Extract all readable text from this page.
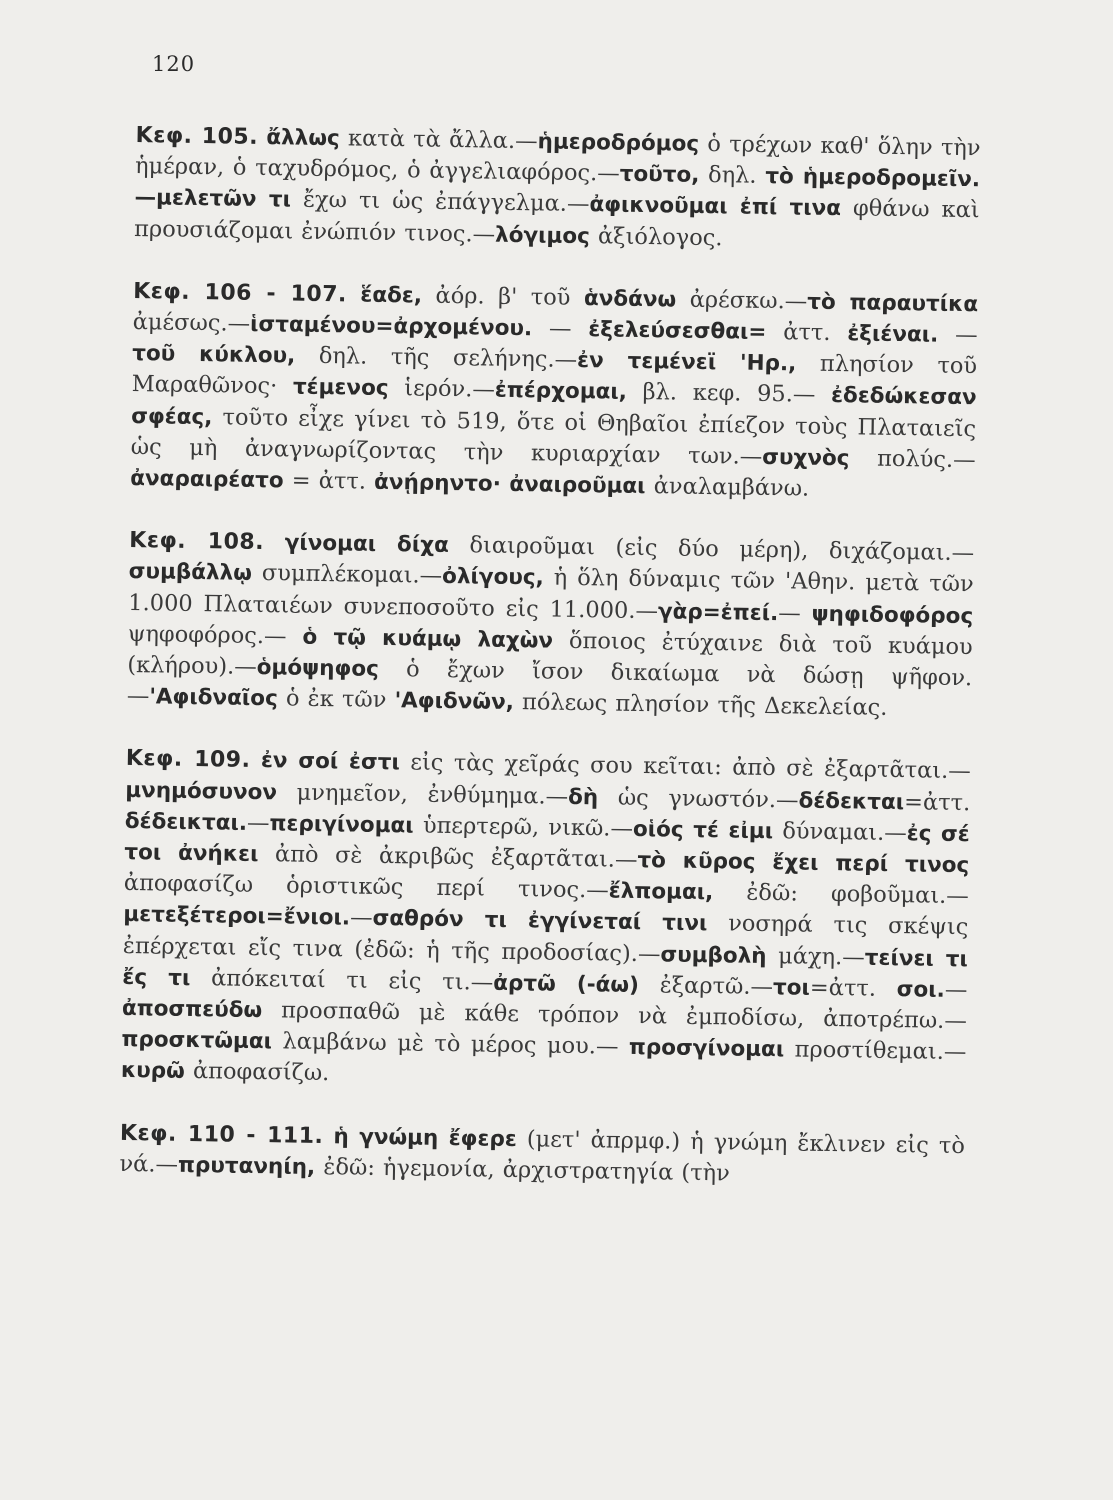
120

Κεφ. 105. ἄλλως κατὰ τὰ ἄλλα.—ἡμεροδρόμος ὁ τρέχων καθ' ὅλην τὴν ἡμέραν, ὁ ταχυδρόμος, ὁ ἀγγελιαφόρος.—τοῦτο, δηλ. τὸ ἡμεροδρομεῖν.—μελετῶν τι ἔχω τι ὡς ἐπάγγελμα.—ἀφικνοῦμαι ἐπί τινα φθάνω καὶ προυσιάζομαι ἐνώπιόν τινος.—λόγιμος ἀξιόλογος.

Κεφ. 106 - 107. ἕαδε, ἀόρ. β' τοῦ ἁνδάνω ἀρέσκω.—τὸ παραυτίκα ἀμέσως.—ἱσταμένου=ἀρχομένου. — ἐξελεύσεσθαι= ἀττ. ἐξιέναι. — τοῦ κύκλου, δηλ. τῆς σελήνης.—ἐν τεμένεϊ 'Ηρ., πλησίον τοῦ Μαραθῶνος· τέμενος ἱερόν.—ἐπέρχομαι, βλ. κεφ. 95.— ἐδεδώκεσαν σφέας, τοῦτο εἶχε γίνει τὸ 519, ὅτε οἱ Θηβαῖοι ἐπίεζον τοὺς Πλαταιεῖς ὡς μὴ ἀναγνωρίζοντας τὴν κυριαρχίαν των.—συχνὸς πολύς.— ἀναραιρέατο = ἀττ. ἀνῄρηντο· ἀναιροῦμαι ἀναλαμβάνω.

Κεφ. 108. γίνομαι δίχα διαιροῦμαι (εἰς δύο μέρη), διχάζομαι.—συμβάλλῳ συμπλέκομαι.—ὀλίγους, ἡ ὅλη δύναμις τῶν 'Αθην. μετὰ τῶν 1.000 Πλαταιέων συνεποσοῦτο εἰς 11.000.—γὰρ=ἐπεί.— ψηφιδοφόρος ψηφοφόρος.— ὁ τῷ κυάμῳ λαχὼν ὅποιος ἐτύχαινε διὰ τοῦ κυάμου (κλήρου).—ὁμόψηφος ὁ ἔχων ἴσον δικαίωμα νὰ δώσῃ ψῆφον.—'Αφιδναῖος ὁ ἐκ τῶν 'Αφιδνῶν, πόλεως πλησίον τῆς Δεκελείας.

Κεφ. 109. ἐν σοί ἐστι εἰς τὰς χεῖράς σου κεῖται: ἀπὸ σὲ ἐξαρτᾶται.—μνημόσυνον μνημεῖον, ἐνθύμημα.—δὴ ὡς γνωστόν.—δέδεκται=ἀττ. δέδεικται.—περιγίνομαι ὑπερτερῶ, νικῶ.—οἱός τέ εἰμι δύναμαι.—ἐς σέ τοι ἀνήκει ἀπὸ σὲ ἀκριβῶς ἐξαρτᾶται.—τὸ κῦρος ἔχει περί τινος ἀποφασίζω ὁριστικῶς περί τινος.—ἔλπομαι, ἐδῶ: φοβοῦμαι.—μετεξέτεροι=ἔνιοι.—σαθρόν τι ἐγγίνεταί τινι νοσηρά τις σκέψις ἐπέρχεται εἴς τινα (ἐδῶ: ἡ τῆς προδοσίας).—συμβολὴ μάχη.—τείνει τι ἔς τι ἀπόκειταί τι εἰς τι.—ἀρτῶ (-άω) ἐξαρτῶ.—τοι=ἀττ. σοι.—ἀποσπεύδω προσπαθῶ μὲ κάθε τρόπον νὰ ἐμποδίσω, ἀποτρέπω.—προσκτῶμαι λαμβάνω μὲ τὸ μέρος μου.— προσγίνομαι προστίθεμαι.—κυρῶ ἀποφασίζω.

Κεφ. 110 - 111. ἡ γνώμη ἔφερε (μετ' ἀπρμφ.) ἡ γνώμη ἔκλινεν εἰς τὸ νά.—πρυτανηίη, ἐδῶ: ἡγεμονία, ἀρχιστρατηγία (τὴν
